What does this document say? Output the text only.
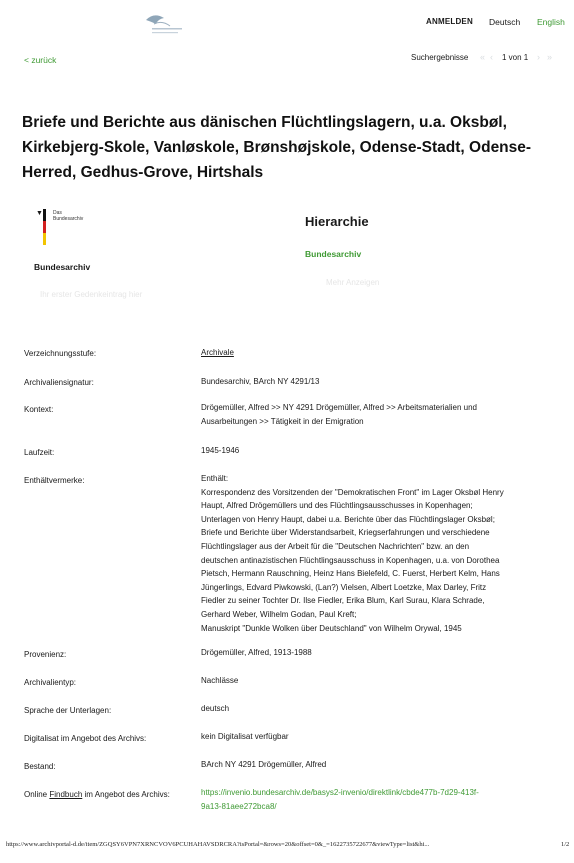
ANMELDEN Deutsch English
< zurück	Suchergebnisse « ‹ 1 von 1 › »
Briefe und Berichte aus dänischen Flüchtlingslagern, u.a. Oksbøl, Kirkebjerg-Skole, Vanløskole, Brønshøjskole, Odense-Stadt, Odense-Herred, Gedhus-Grove, Hirtshals
▼ Das
Bundesarchiv
Bundesarchiv
Ihr erster Gedenkeintrag hier
Hierarchie
Bundesarchiv
Mehr Anzeigen
Verzeichnungsstufe:	Archivale
Archivaliensignatur:	Bundesarchiv, BArch NY 4291/13
Kontext:	Drögemüller, Alfred >> NY 4291 Drögemüller, Alfred >> Arbeitsmaterialien und
Ausarbeitungen >> Tätigkeit in der Emigration
Laufzeit:	1945-1946
Enthältvermerke:	Enthält:
Korrespondenz des Vorsitzenden der "Demokratischen Front" im Lager Oksbøl Henry
Haupt, Alfred Drögemüllers und des Flüchtlingsausschusses in Kopenhagen;
Unterlagen von Henry Haupt, dabei u.a. Berichte über das Flüchtlingslager Oksbøl;
Briefe und Berichte über Widerstandsarbeit, Kriegserfahrungen und verschiedene
Flüchtlingslager aus der Arbeit für die "Deutschen Nachrichten" bzw. an den
deutschen antinazistischen Flüchtlingsausschuss in Kopenhagen, u.a. von Dorothea
Pietsch, Hermann Rauschning, Heinz Hans Bielefeld, C. Fuerst, Herbert Kelm, Hans
Jüngerlings, Edvard Piwkowski, (Lan?) Vielsen, Albert Loetzke, Max Darley, Fritz
Fiedler zu seiner Tochter Dr. Ilse Fiedler, Erika Blum, Karl Surau, Klara Schrade,
Gerhard Weber, Wilhelm Godan, Paul Kreft;
Manuskript "Dunkle Wolken über Deutschland" von Wilhelm Orywal, 1945
Provenienz:	Drögemüller, Alfred, 1913-1988
Archivalientyp:	Nachlässe
Sprache der Unterlagen:	deutsch
Digitalisat im Angebot des Archivs:	kein Digitalisat verfügbar
Bestand:	BArch NY 4291 Drögemüller, Alfred
Online Findbuch im Angebot des Archivs:	https://invenio.bundesarchiv.de/basys2-invenio/direktlink/cbde477b-7d29-413f-
9a13-81aee272bca8/
https://www.archivportal-d.de/item/ZGQSY6VPN7XRNCVOV6PCUHAHAVSDRCRA?isPortal=&rows=20&offset=0&_=1622735722677&viewType=list&hi...	1/2
